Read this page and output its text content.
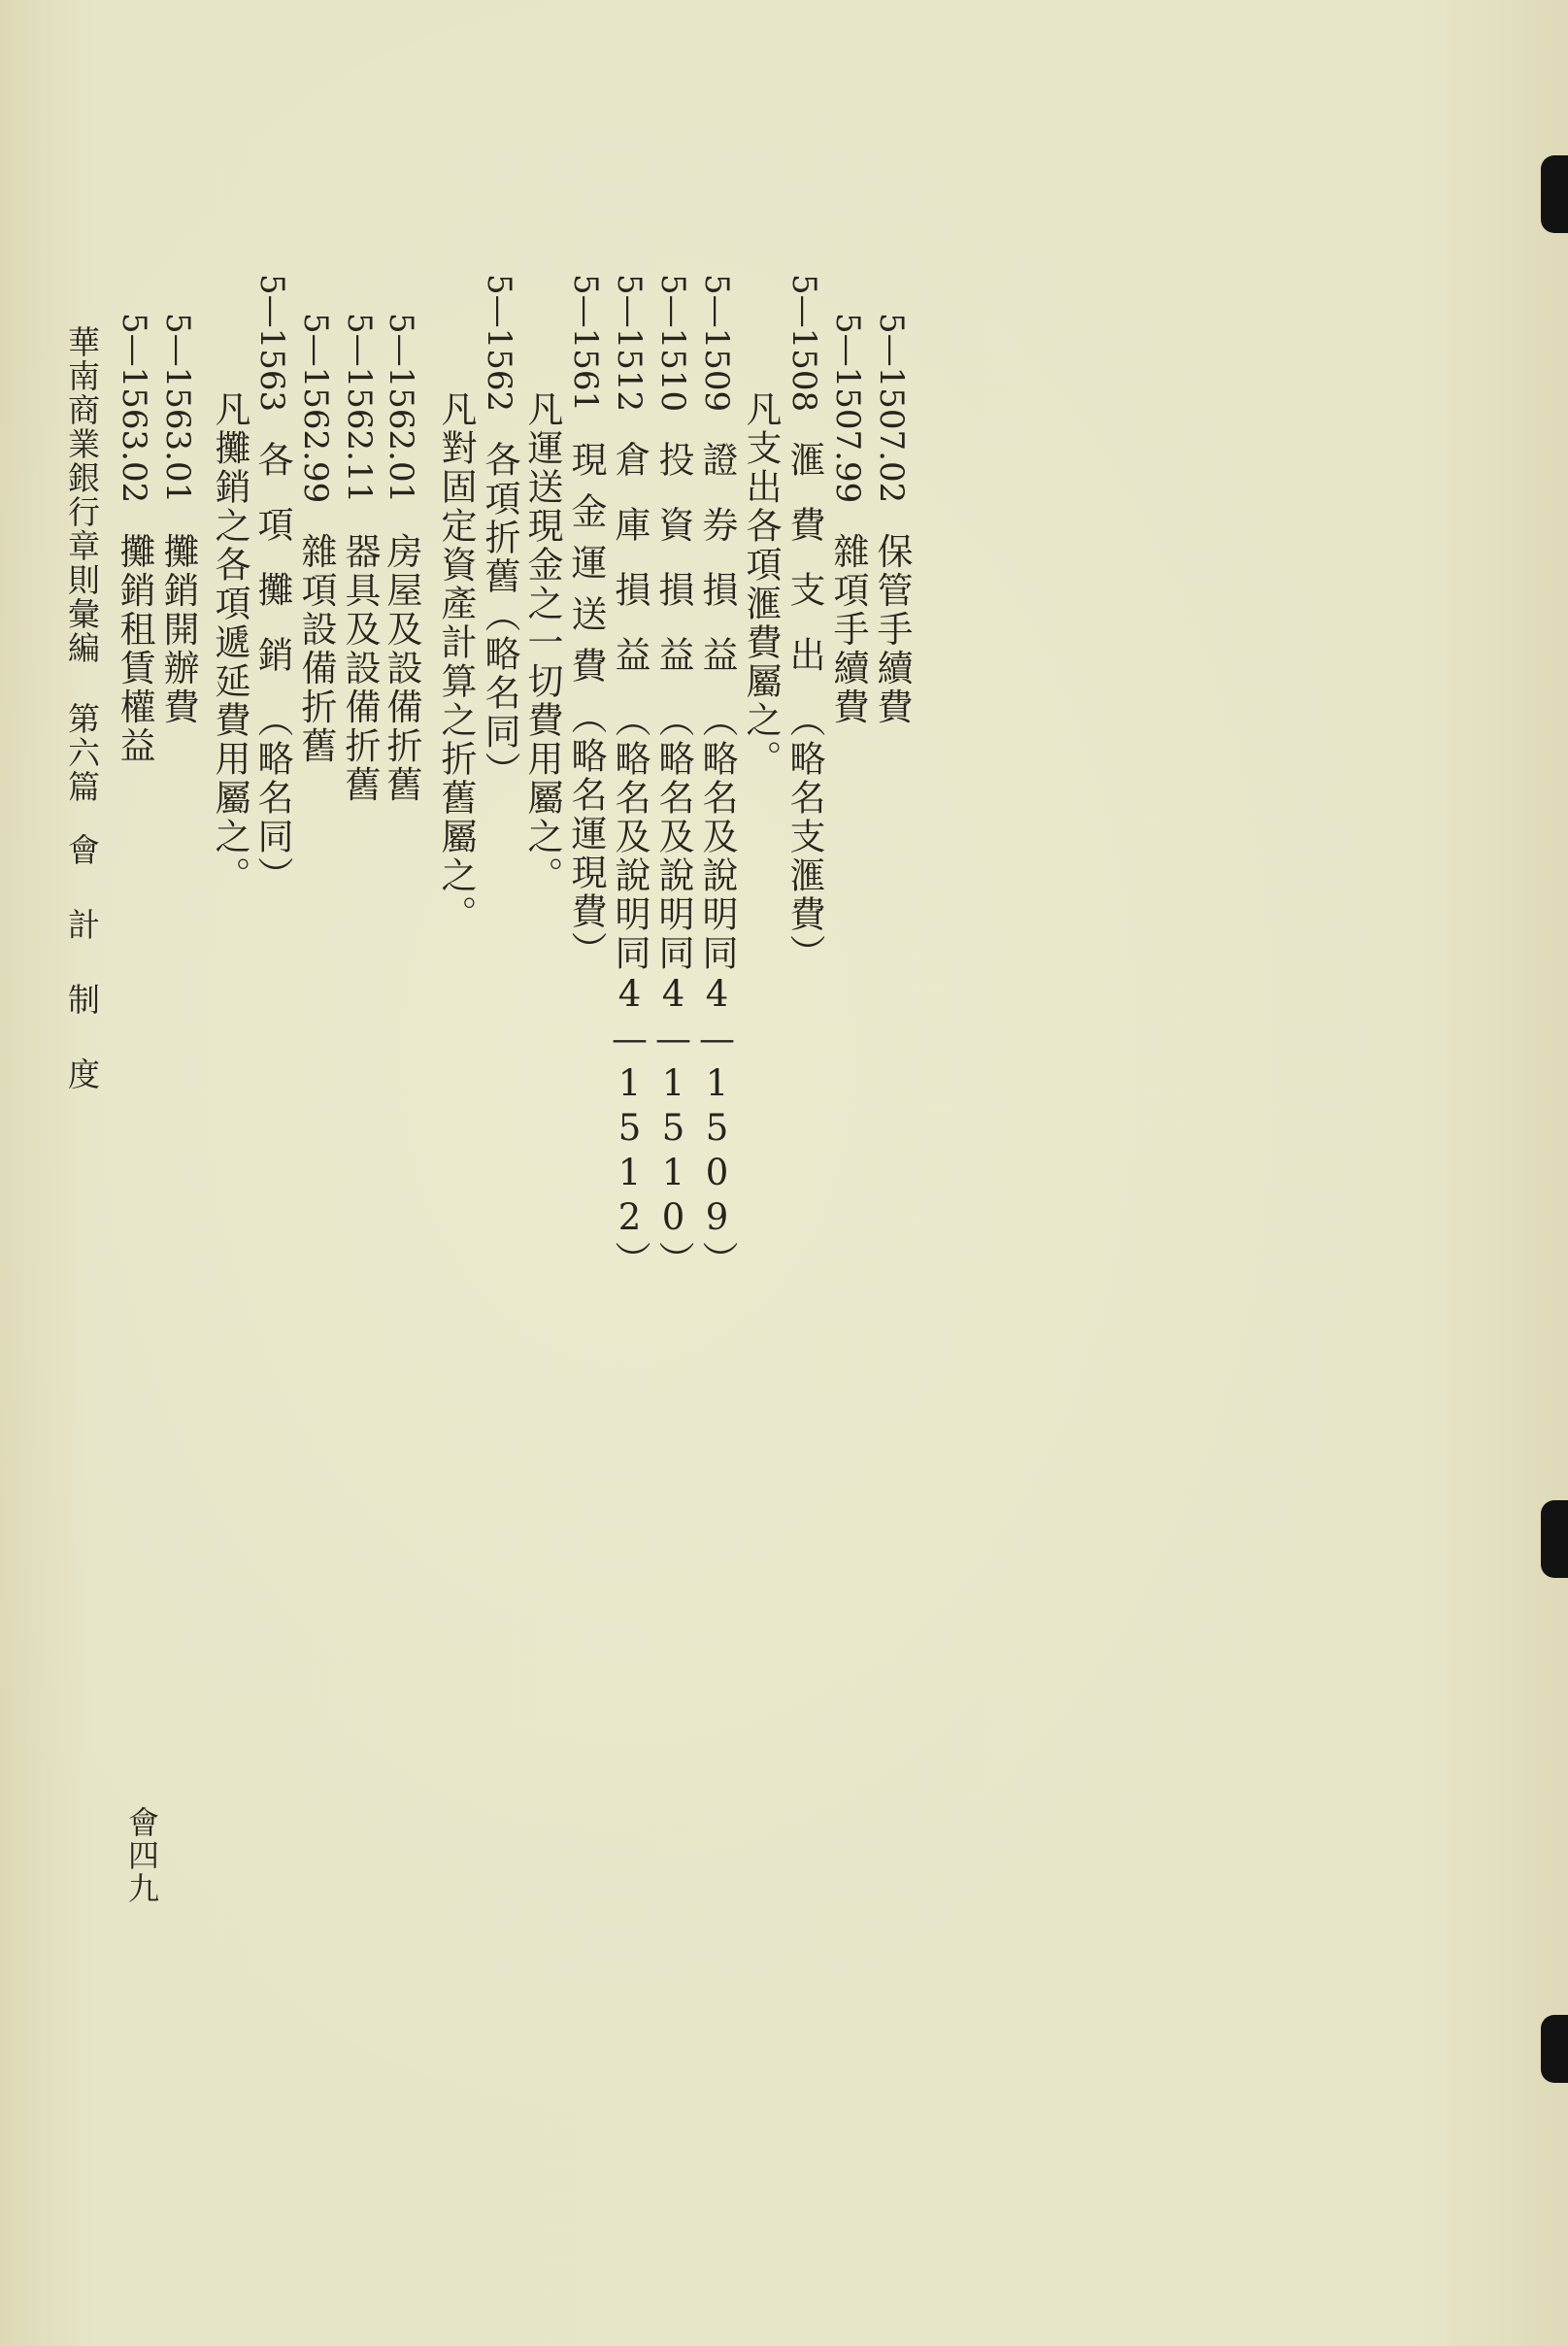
5—1507.02保管手續費
5—1507.99雜項手續費
5—1508滙費支出（略名支滙費）
凡支出各項滙費屬之。
5—1509證券損益（略名及說明同4—1509）
5—1510投資損益（略名及說明同4—1510）
5—1512倉庫損益（略名及說明同4—1512）
5—1561現金運送費（略名運現費）
凡運送現金之一切費用屬之。
5—1562各項折舊（略名同）
凡對固定資產計算之折舊屬之。
5—1562.01房屋及設備折舊
5—1562.11器具及設備折舊
5—1562.99雜項設備折舊
5—1563各項攤銷（略名同）
凡攤銷之各項遞延費用屬之。
5—1563.01攤銷開辦費
5—1563.02攤銷租賃權益
華南商業銀行章則彙編第六篇會計制度
會四九
